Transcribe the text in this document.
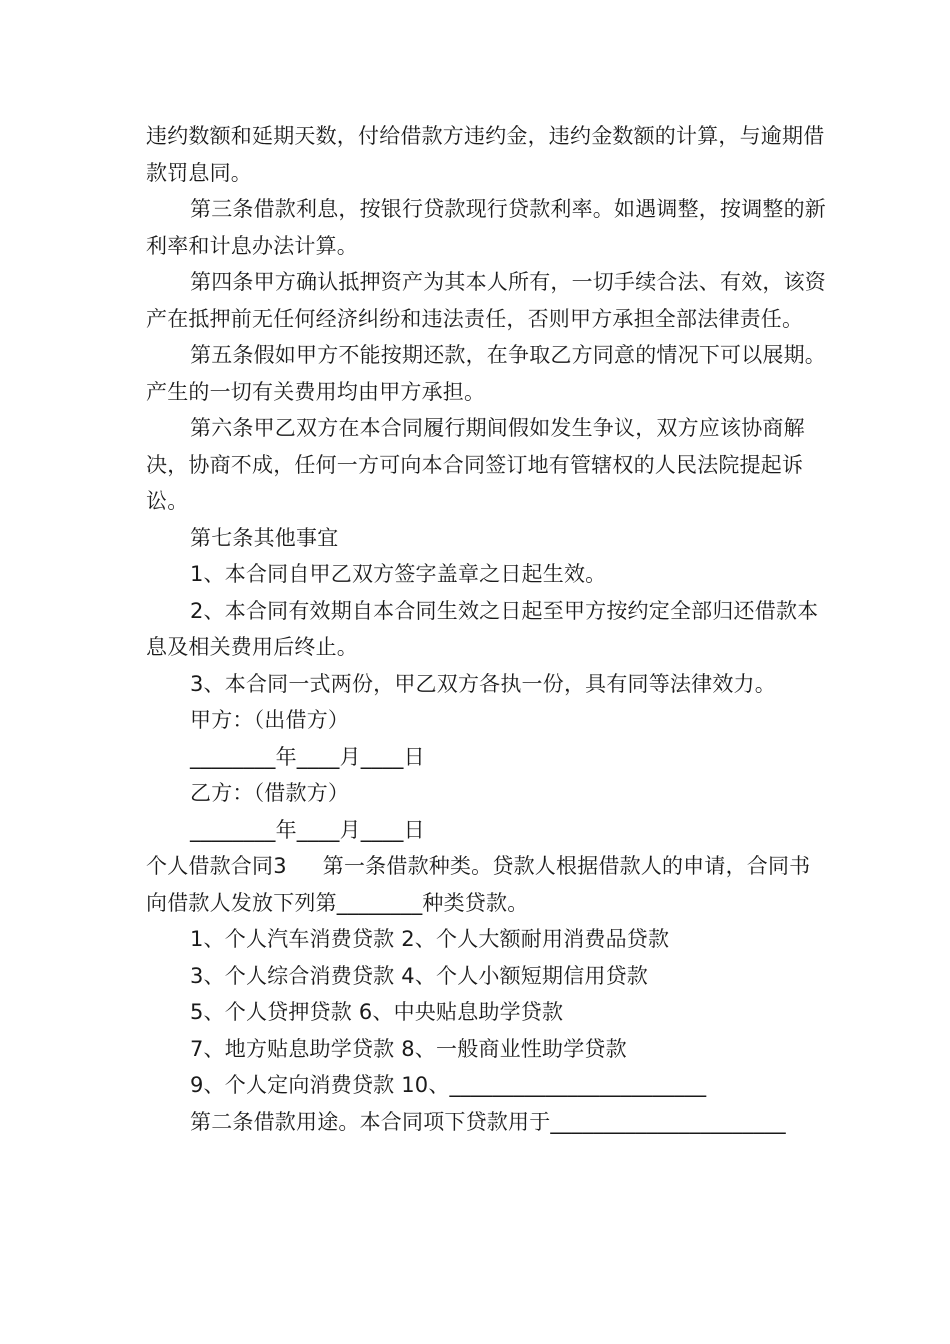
违约数额和延期天数，付给借款方违约金，违约金数额的计算，与逾期借款罚息同。

第三条借款利息，按银行贷款现行贷款利率。如遇调整，按调整的新利率和计息办法计算。

第四条甲方确认抵押资产为其本人所有，一切手续合法、有效，该资产在抵押前无任何经济纠纷和违法责任，否则甲方承担全部法律责任。

第五条假如甲方不能按期还款，在争取乙方同意的情况下可以展期。产生的一切有关费用均由甲方承担。

第六条甲乙双方在本合同履行期间假如发生争议，双方应该协商解决，协商不成，任何一方可向本合同签订地有管辖权的人民法院提起诉讼。

第七条其他事宜

1、本合同自甲乙双方签字盖章之日起生效。

2、本合同有效期自本合同生效之日起至甲方按约定全部归还借款本息及相关费用后终止。

3、本合同一式两份，甲乙双方各执一份，具有同等法律效力。

甲方：（出借方）

________年____月____日

乙方：（借款方）

________年____月____日

个人借款合同3 第一条借款种类。贷款人根据借款人的申请，合同书向借款人发放下列第________种类贷款。

1、个人汽车消费贷款 2、个人大额耐用消费品贷款

3、个人综合消费贷款 4、个人小额短期信用贷款

5、个人贷押贷款 6、中央贴息助学贷款

7、地方贴息助学贷款 8、一般商业性助学贷款

9、个人定向消费贷款 10、________________________

第二条借款用途。本合同项下贷款用于______________________
